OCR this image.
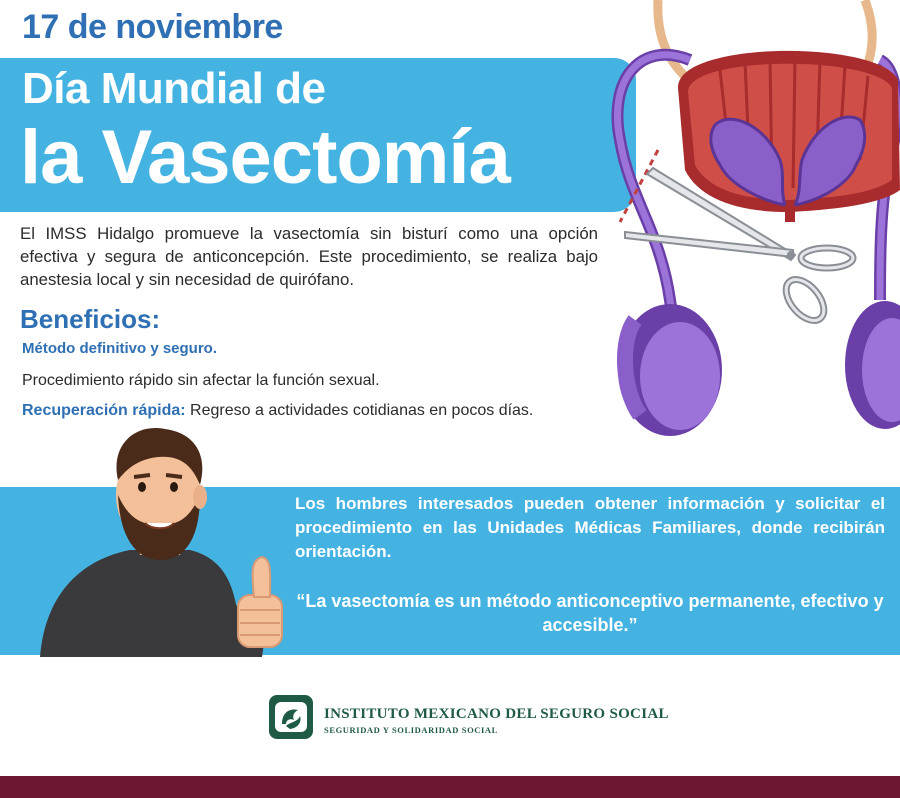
17 de noviembre
Día Mundial de
la Vasectomía
El IMSS Hidalgo promueve la vasectomía sin bisturí como una opción efectiva y segura de anticoncepción. Este procedimiento, se realiza bajo anestesia local y sin necesidad de quirófano.
Beneficios:
Método definitivo y seguro.
Procedimiento rápido sin afectar la función sexual.
Recuperación rápida: Regreso a actividades cotidianas en pocos días.
Los hombres interesados pueden obtener información y solicitar el procedimiento en las Unidades Médicas Familiares, donde recibirán orientación.
“La vasectomía es un método anticonceptivo permanente, efectivo y accesible.”
INSTITUTO MEXICANO DEL SEGURO SOCIAL
SEGURIDAD Y SOLIDARIDAD SOCIAL
